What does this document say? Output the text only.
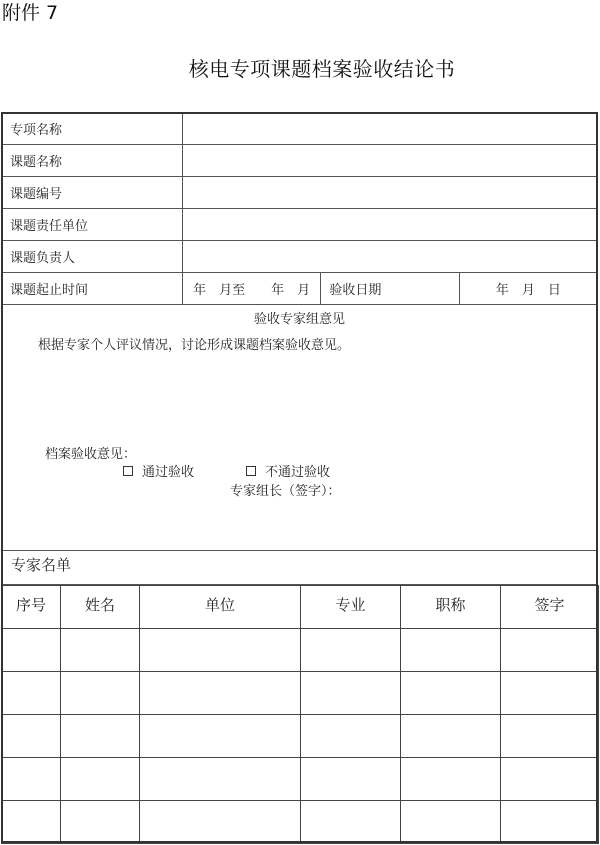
附件 7
核电专项课题档案验收结论书
专项名称			
课题名称			
课题编号			
课题责任单位			
课题负责人			
课题起止时间	年　月至　　年　月	验收日期	年　月　日
验收专家组意见
根据专家个人评议情况，讨论形成课题档案验收意见。
档案验收意见：
通过验收	不通过验收
专家组长（签字）：
专家名单
序号	姓名	单位	专业	职称	签字
